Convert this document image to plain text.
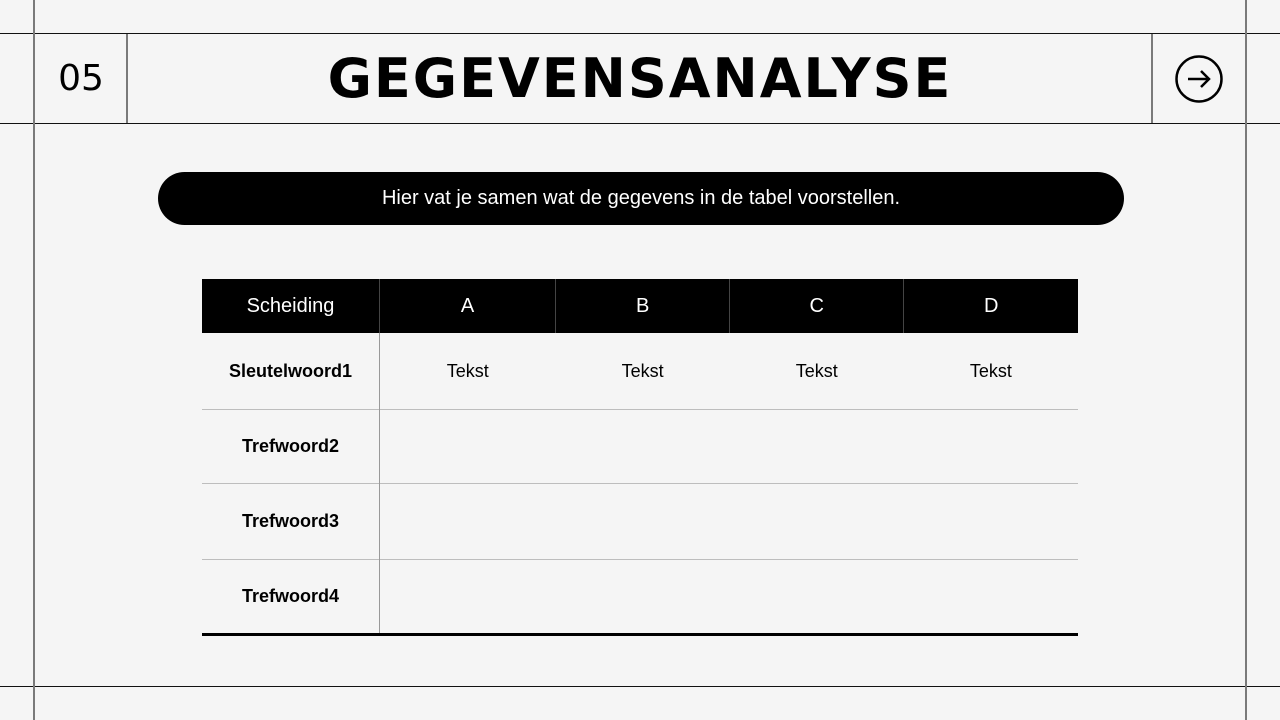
05	GEGEVENSANALYSE
Hier vat je samen wat de gegevens in de tabel voorstellen.
Scheiding	A	B	C	D
Sleutelwoord1	Tekst	Tekst	Tekst	Tekst
Trefwoord2				
Trefwoord3				
Trefwoord4				
